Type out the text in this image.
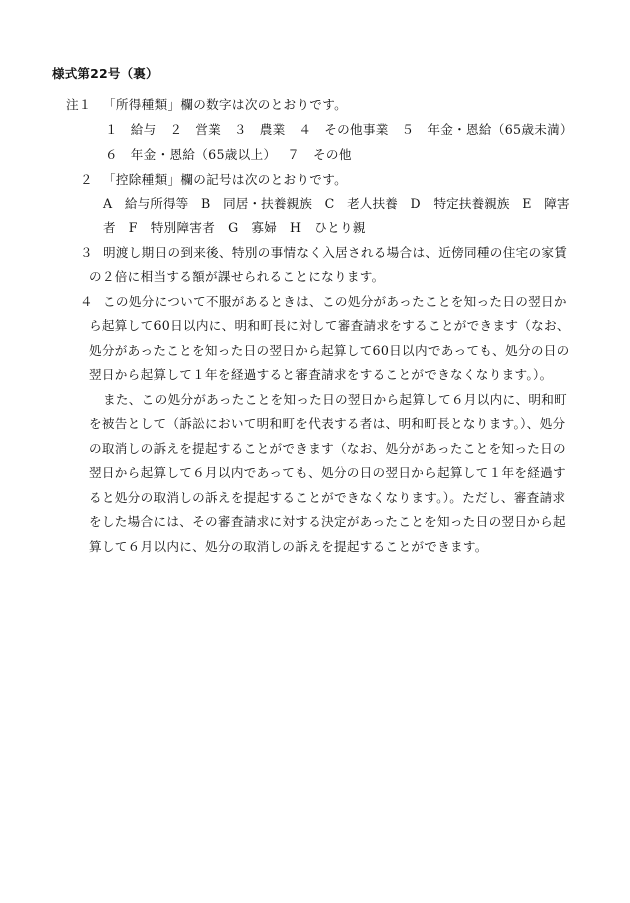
様式第22号（裏）
注１ 「所得種類」欄の数字は次のとおりです。
１　給与　２　営業　３　農業　４　その他事業　５　年金・恩給（65歳未満）
６　年金・恩給（65歳以上）　 ７　その他
２ 「控除種類」欄の記号は次のとおりです。
A　給与所得等　B　同居・扶養親族　C　老人扶養　D　特定扶養親族　E　障害
者　F　特別障害者　G　寡婦　H　ひとり親
３ 明渡し期日の到来後、特別の事情なく入居される場合は、近傍同種の住宅の家賃
の２倍に相当する額が課せられることになります。
４ この処分について不服があるときは、この処分があったことを知った日の翌日か
ら起算して60日以内に、明和町長に対して審査請求をすることができます（なお、
処分があったことを知った日の翌日から起算して60日以内であっても、処分の日の
翌日から起算して１年を経過すると審査請求をすることができなくなります。）。
また、この処分があったことを知った日の翌日から起算して６月以内に、明和町
を被告として（訴訟において明和町を代表する者は、明和町長となります。）、処分
の取消しの訴えを提起することができます（なお、処分があったことを知った日の
翌日から起算して６月以内であっても、処分の日の翌日から起算して１年を経過す
ると処分の取消しの訴えを提起することができなくなります。）。ただし、審査請求
をした場合には、その審査請求に対する決定があったことを知った日の翌日から起
算して６月以内に、処分の取消しの訴えを提起することができます。
